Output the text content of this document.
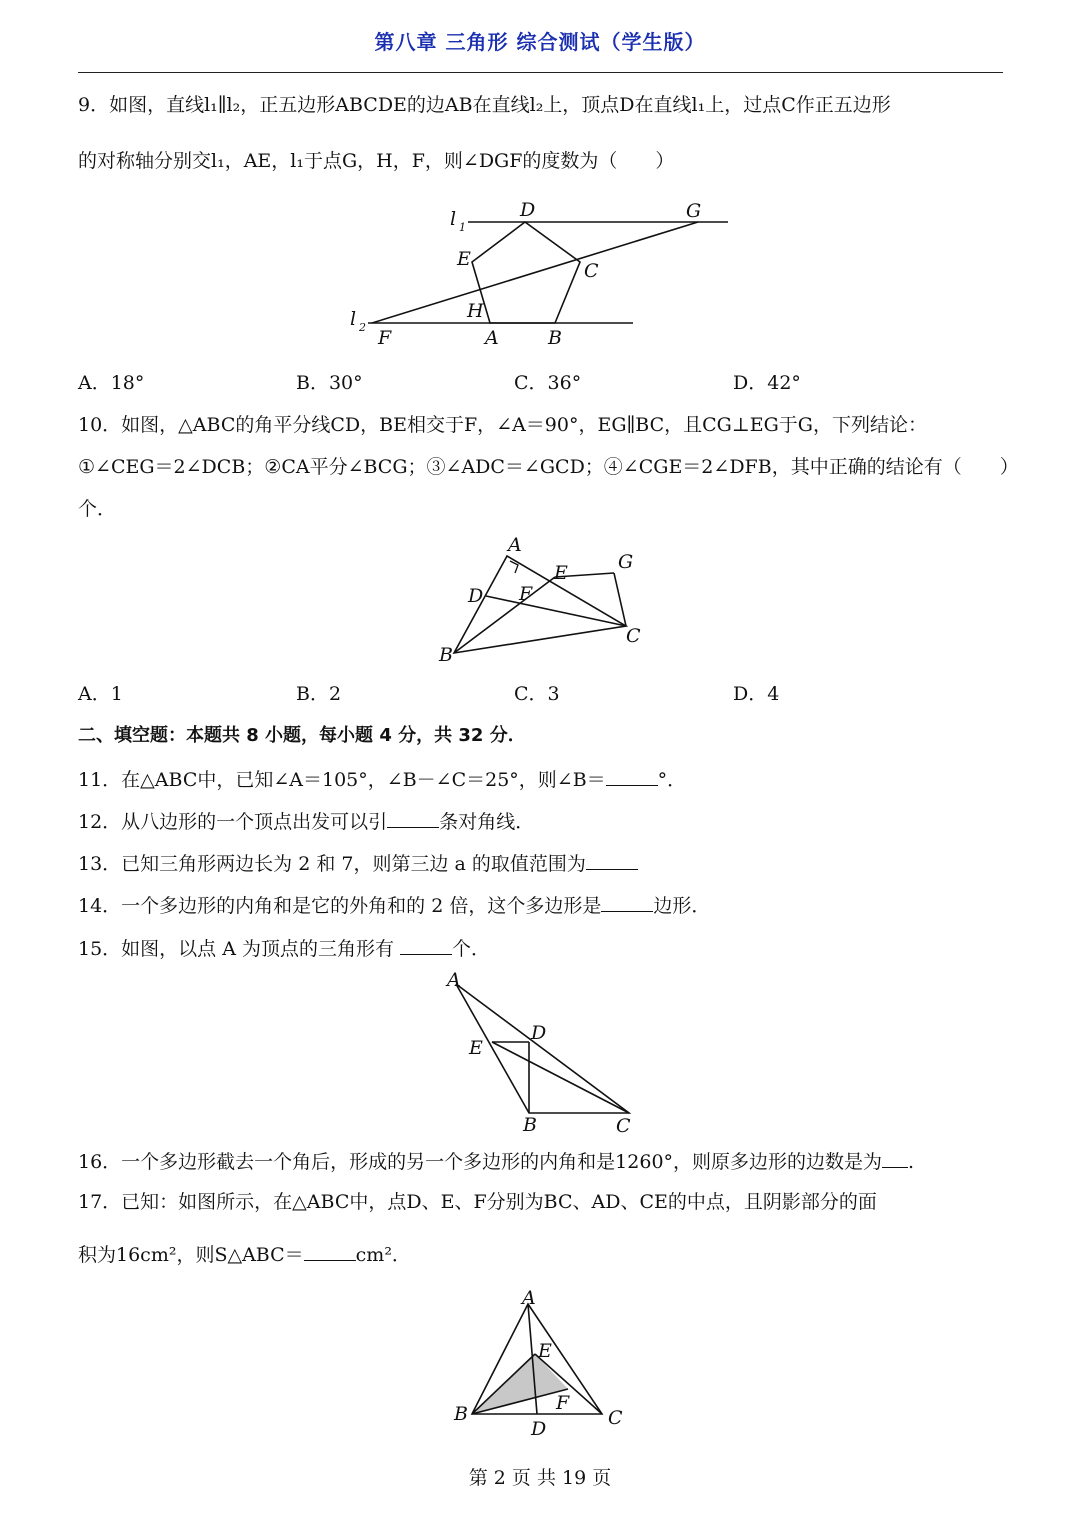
第八章 三角形 综合测试（学生版）
9．如图，直线l₁∥l₂，正五边形ABCDE的边AB在直线l₂上，顶点D在直线l₁上，过点C作正五边形
的对称轴分别交l₁，AE，l₁于点G，H，F，则∠DGF的度数为（　　）
l 1
l 2
D	G
E
C
H
F	A	B
A．18°	B．30°	C．36°	D．42°
10．如图，△ABC的角平分线CD，BE相交于F，∠A＝90°，EG∥BC，且CG⊥EG于G，下列结论：
①∠CEG＝2∠DCB；②CA平分∠BCG；③∠ADC＝∠GCD；④∠CGE＝2∠DFB，其中正确的结论有（　　）
个．
A
E	G
D F
C
B
A．1	B．2	C．3	D．4
二、填空题：本题共 8 小题，每小题 4 分，共 32 分．
11．在△ABC中，已知∠A＝105°，∠B－∠C＝25°，则∠B＝	°．
12．从八边形的一个顶点出发可以引	条对角线．
13．已知三角形两边长为 2 和 7，则第三边 a 的取值范围为
14．一个多边形的内角和是它的外角和的 2 倍，这个多边形是	边形．
15．如图，以点 A 为顶点的三角形有	个．
A
D
E
B	C
16．一个多边形截去一个角后，形成的另一个多边形的内角和是1260°，则原多边形的边数是为 .
17．已知：如图所示，在△ABC中，点D、E、F分别为BC、AD、CE的中点，且阴影部分的面
积为16cm²，则S△ABC＝	cm²．
A
E
F
B	C
D
第 2 页 共 19 页
